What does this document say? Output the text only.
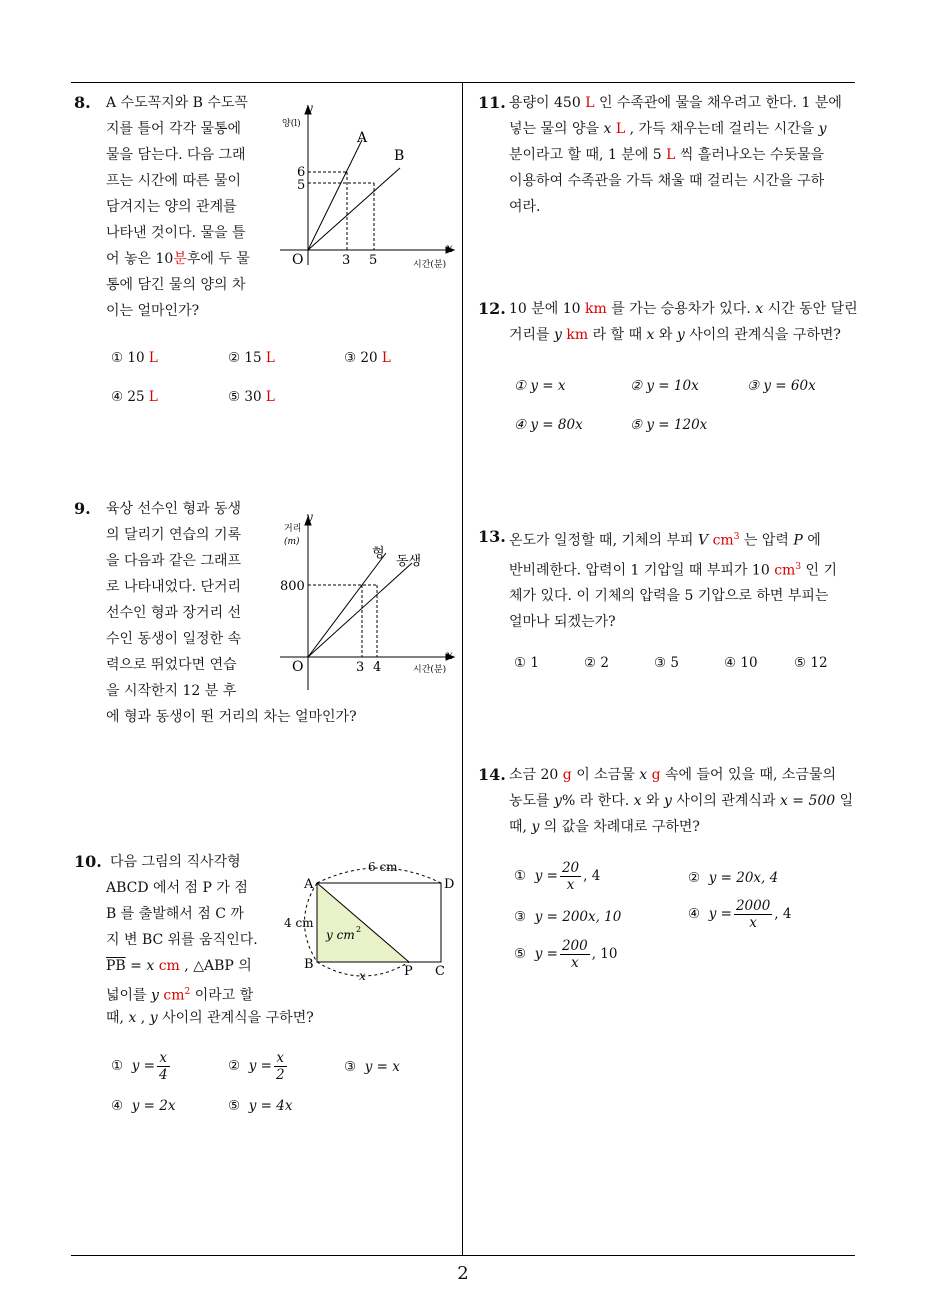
8.	A 수도꼭지와 B 수도꼭
지를 틀어 각각 물통에
물을 담는다. 다음 그래
프는 시간에 따른 물이
담겨지는 양의 관계를
나타낸 것이다. 물을 틀
어 놓은 10분후에 두 물
통에 담긴 물의 양의 차
이는 얼마인가?
양(l)
y
x
시간(분)
O
A
B
6
5
3 5
① 10 L	② 15 L	③ 20 L
④ 25 L	⑤ 30 L
9. 육상 선수인 형과 동생
의 달리기 연습의 기록
을 다음과 같은 그래프
로 나타내었다. 단거리
선수인 형과 장거리 선
수인 동생이 일정한 속
력으로 뛰었다면 연습
을 시작한지 12 분 후
에 형과 동생이 뛴 거리의 차는 얼마인가?
거리
(m)
y
x
시간(분)
O
형
동생
800
3 4
10. 다음 그림의 직사각형
ABCD 에서 점 P 가 점
B 를 출발해서 점 C 까
지 변 BC 위를 움직인다.
$\overline{PB} = x$ cm , △ABP 의
넓이를 y $cm^2$ 이라고 할
때, x , y 사이의 관계식을 구하면?
6 cm
4 cm
y cm 2
A
B	C
D
P
x
① $y = \frac{x}{4}$	② $y = \frac{x}{2}$	③ y = x
④ y = 2x	⑤ y = 4x
11. 용량이 450 L 인 수족관에 물을 채우려고 한다. 1 분에
넣는 물의 양을 x L , 가득 채우는데 걸리는 시간을 y
분이라고 할 때, 1 분에 5 L 씩 흘러나오는 수돗물을
이용하여 수족관을 가득 채울 때 걸리는 시간을 구하
여라.
12. 10 분에 10 km 를 가는 승용차가 있다. x 시간 동안 달린
거리를 y km 라 할 때 x 와 y 사이의 관계식을 구하면?
① y = x	② y = 10x	③ y = 60x
④ y = 80x	⑤ y = 120x
13. 온도가 일정할 때, 기체의 부피 V $cm^3$ 는 압력 P 에
반비례한다. 압력이 1 기압일 때 부피가 10 $cm^3$ 인 기
체가 있다. 이 기체의 압력을 5 기압으로 하면 부피는
얼마나 되겠는가?
① 1	② 2	③ 5	④ 10	⑤ 12
14. 소금 20 g 이 소금물 x g 속에 들어 있을 때, 소금물의
농도를 y% 라 한다. x 와 y 사이의 관계식과 x = 500 일
때, y 의 값을 차례대로 구하면?
① $y = \frac{20}{x}$ , 4	② y = 20x, 4
③ y = 200x, 10	④ $y = \frac{2000}{x}$ , 4
⑤ $y = \frac{200}{x}$ , 10
2
